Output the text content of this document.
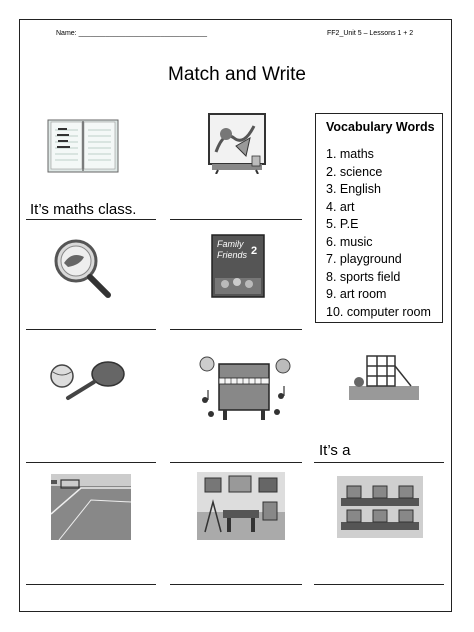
Name: _________________________________	FF2_Unit 5 – Lessons 1 + 2
Match and Write
Vocabulary Words
1. maths
2. science
3. English
4. art
5. P.E
6. music
7. playground
8. sports field
9. art room
10. computer room
It’s maths class.
Family
Friends 2
It’s a
